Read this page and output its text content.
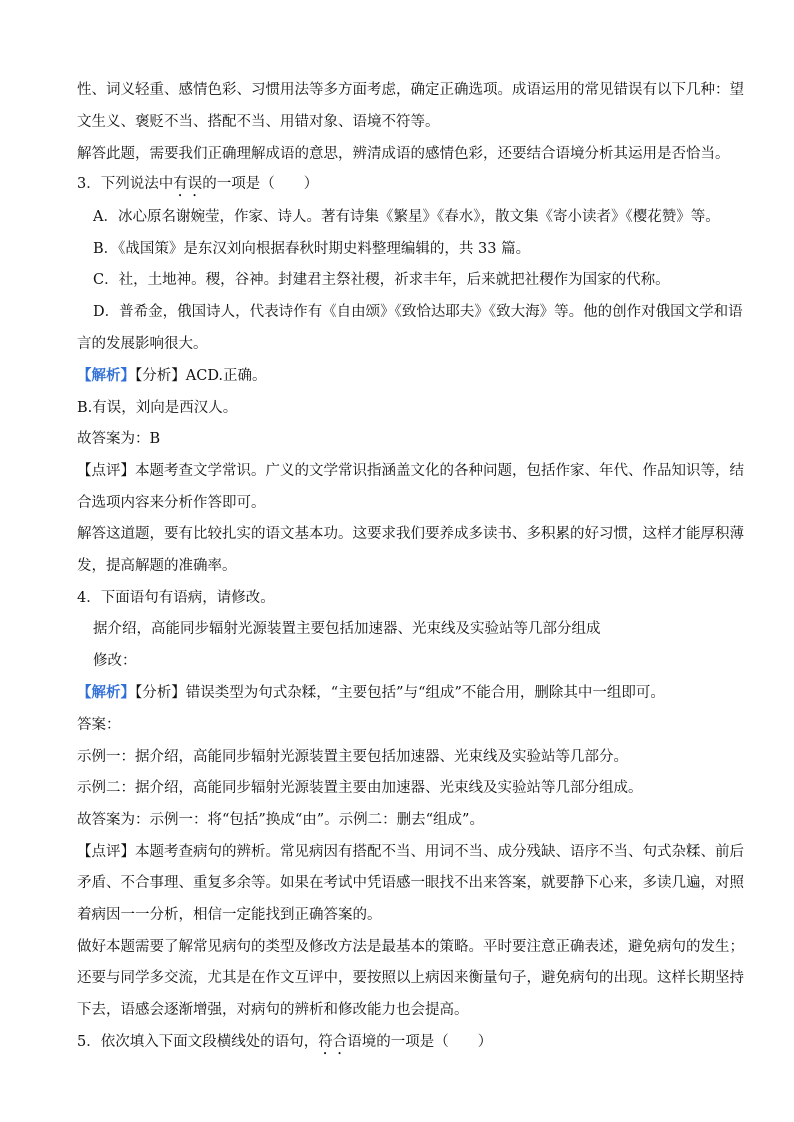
性、词义轻重、感情色彩、习惯用法等多方面考虑，确定正确选项。成语运用的常见错误有以下几种：望
文生义、褒贬不当、搭配不当、用错对象、语境不符等。
解答此题，需要我们正确理解成语的意思，辨清成语的感情色彩，还要结合语境分析其运用是否恰当。
3．下列说法中有误的一项是（　　）
A．冰心原名谢婉莹，作家、诗人。著有诗集《繁星》《春水》，散文集《寄小读者》《樱花赞》等。
B．《战国策》是东汉刘向根据春秋时期史料整理编辑的，共 33 篇。
C．社，土地神。稷，谷神。封建君主祭社稷，祈求丰年，后来就把社稷作为国家的代称。
D．普希金，俄国诗人，代表诗作有《自由颂》《致恰达耶夫》《致大海》等。他的创作对俄国文学和语
言的发展影响很大。
【解析】【分析】ACD.正确。
B.有误，刘向是西汉人。
故答案为：B
【点评】本题考查文学常识。广义的文学常识指涵盖文化的各种问题，包括作家、年代、作品知识等，结
合选项内容来分析作答即可。
解答这道题，要有比较扎实的语文基本功。这要求我们要养成多读书、多积累的好习惯，这样才能厚积薄
发，提高解题的准确率。
4．下面语句有语病，请修改。
据介绍，高能同步辐射光源装置主要包括加速器、光束线及实验站等几部分组成
修改：
【解析】【分析】错误类型为句式杂糅，“主要包括”与“组成”不能合用，删除其中一组即可。
答案：
示例一：据介绍，高能同步辐射光源装置主要包括加速器、光束线及实验站等几部分。
示例二：据介绍，高能同步辐射光源装置主要由加速器、光束线及实验站等几部分组成。
故答案为：示例一：将“包括”换成“由”。示例二：删去“组成”。
【点评】本题考查病句的辨析。常见病因有搭配不当、用词不当、成分残缺、语序不当、句式杂糅、前后
矛盾、不合事理、重复多余等。如果在考试中凭语感一眼找不出来答案，就要静下心来，多读几遍，对照
着病因一一分析，相信一定能找到正确答案的。
做好本题需要了解常见病句的类型及修改方法是最基本的策略。平时要注意正确表述，避免病句的发生；
还要与同学多交流，尤其是在作文互评中，要按照以上病因来衡量句子，避免病句的出现。这样长期坚持
下去，语感会逐渐增强，对病句的辨析和修改能力也会提高。
5．依次填入下面文段横线处的语句，符合语境的一项是（　　）
